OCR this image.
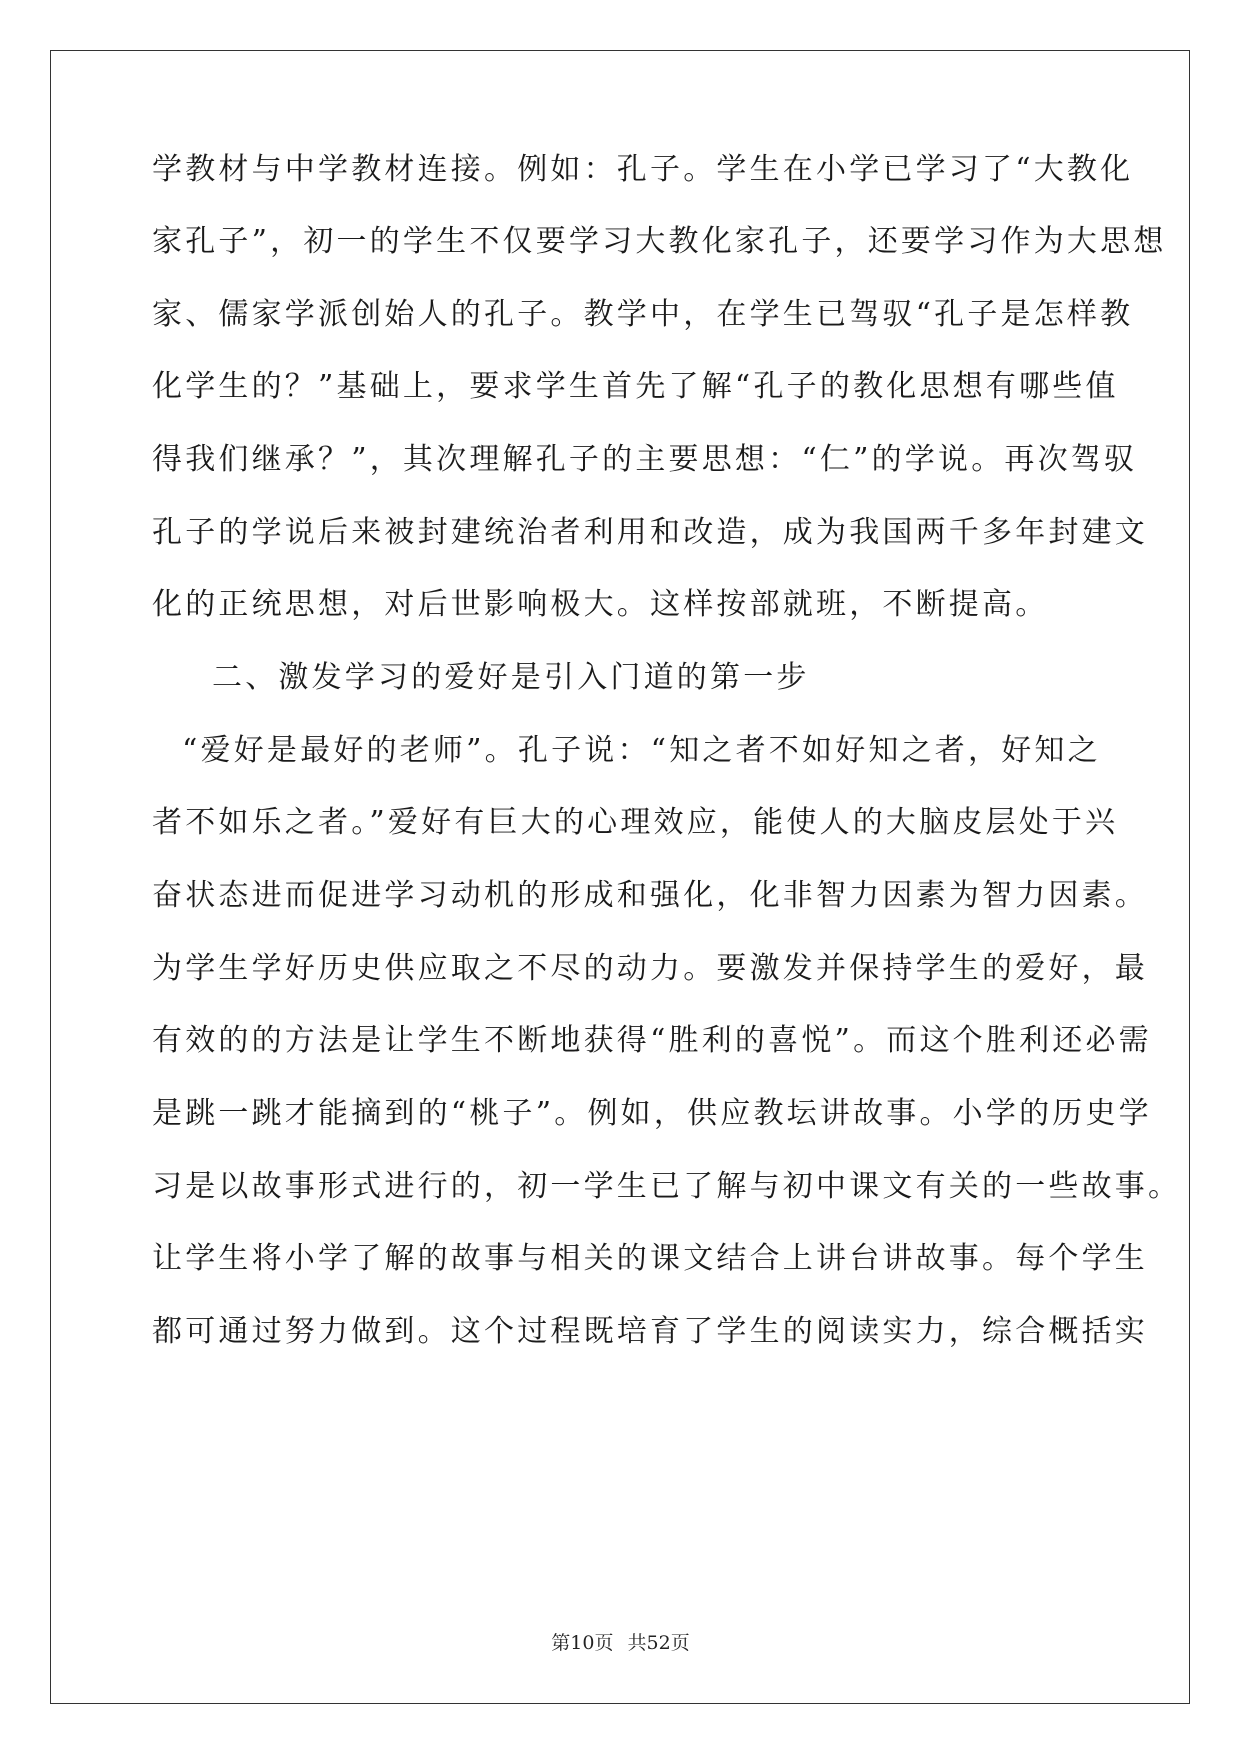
学教材与中学教材连接。例如：孔子。学生在小学已学习了“大教化
家孔子”，初一的学生不仅要学习大教化家孔子，还要学习作为大思想
家、儒家学派创始人的孔子。教学中，在学生已驾驭“孔子是怎样教
化学生的？”基础上，要求学生首先了解“孔子的教化思想有哪些值
得我们继承？”，其次理解孔子的主要思想：“仁”的学说。再次驾驭
孔子的学说后来被封建统治者利用和改造，成为我国两千多年封建文
化的正统思想，对后世影响极大。这样按部就班，不断提高。
二、激发学习的爱好是引入门道的第一步
“爱好是最好的老师”。孔子说：“知之者不如好知之者，好知之
者不如乐之者。”爱好有巨大的心理效应，能使人的大脑皮层处于兴
奋状态进而促进学习动机的形成和强化，化非智力因素为智力因素。
为学生学好历史供应取之不尽的动力。要激发并保持学生的爱好，最
有效的的方法是让学生不断地获得“胜利的喜悦”。而这个胜利还必需
是跳一跳才能摘到的“桃子”。例如，供应教坛讲故事。小学的历史学
习是以故事形式进行的，初一学生已了解与初中课文有关的一些故事。
让学生将小学了解的故事与相关的课文结合上讲台讲故事。每个学生
都可通过努力做到。这个过程既培育了学生的阅读实力，综合概括实
第10页 共52页
